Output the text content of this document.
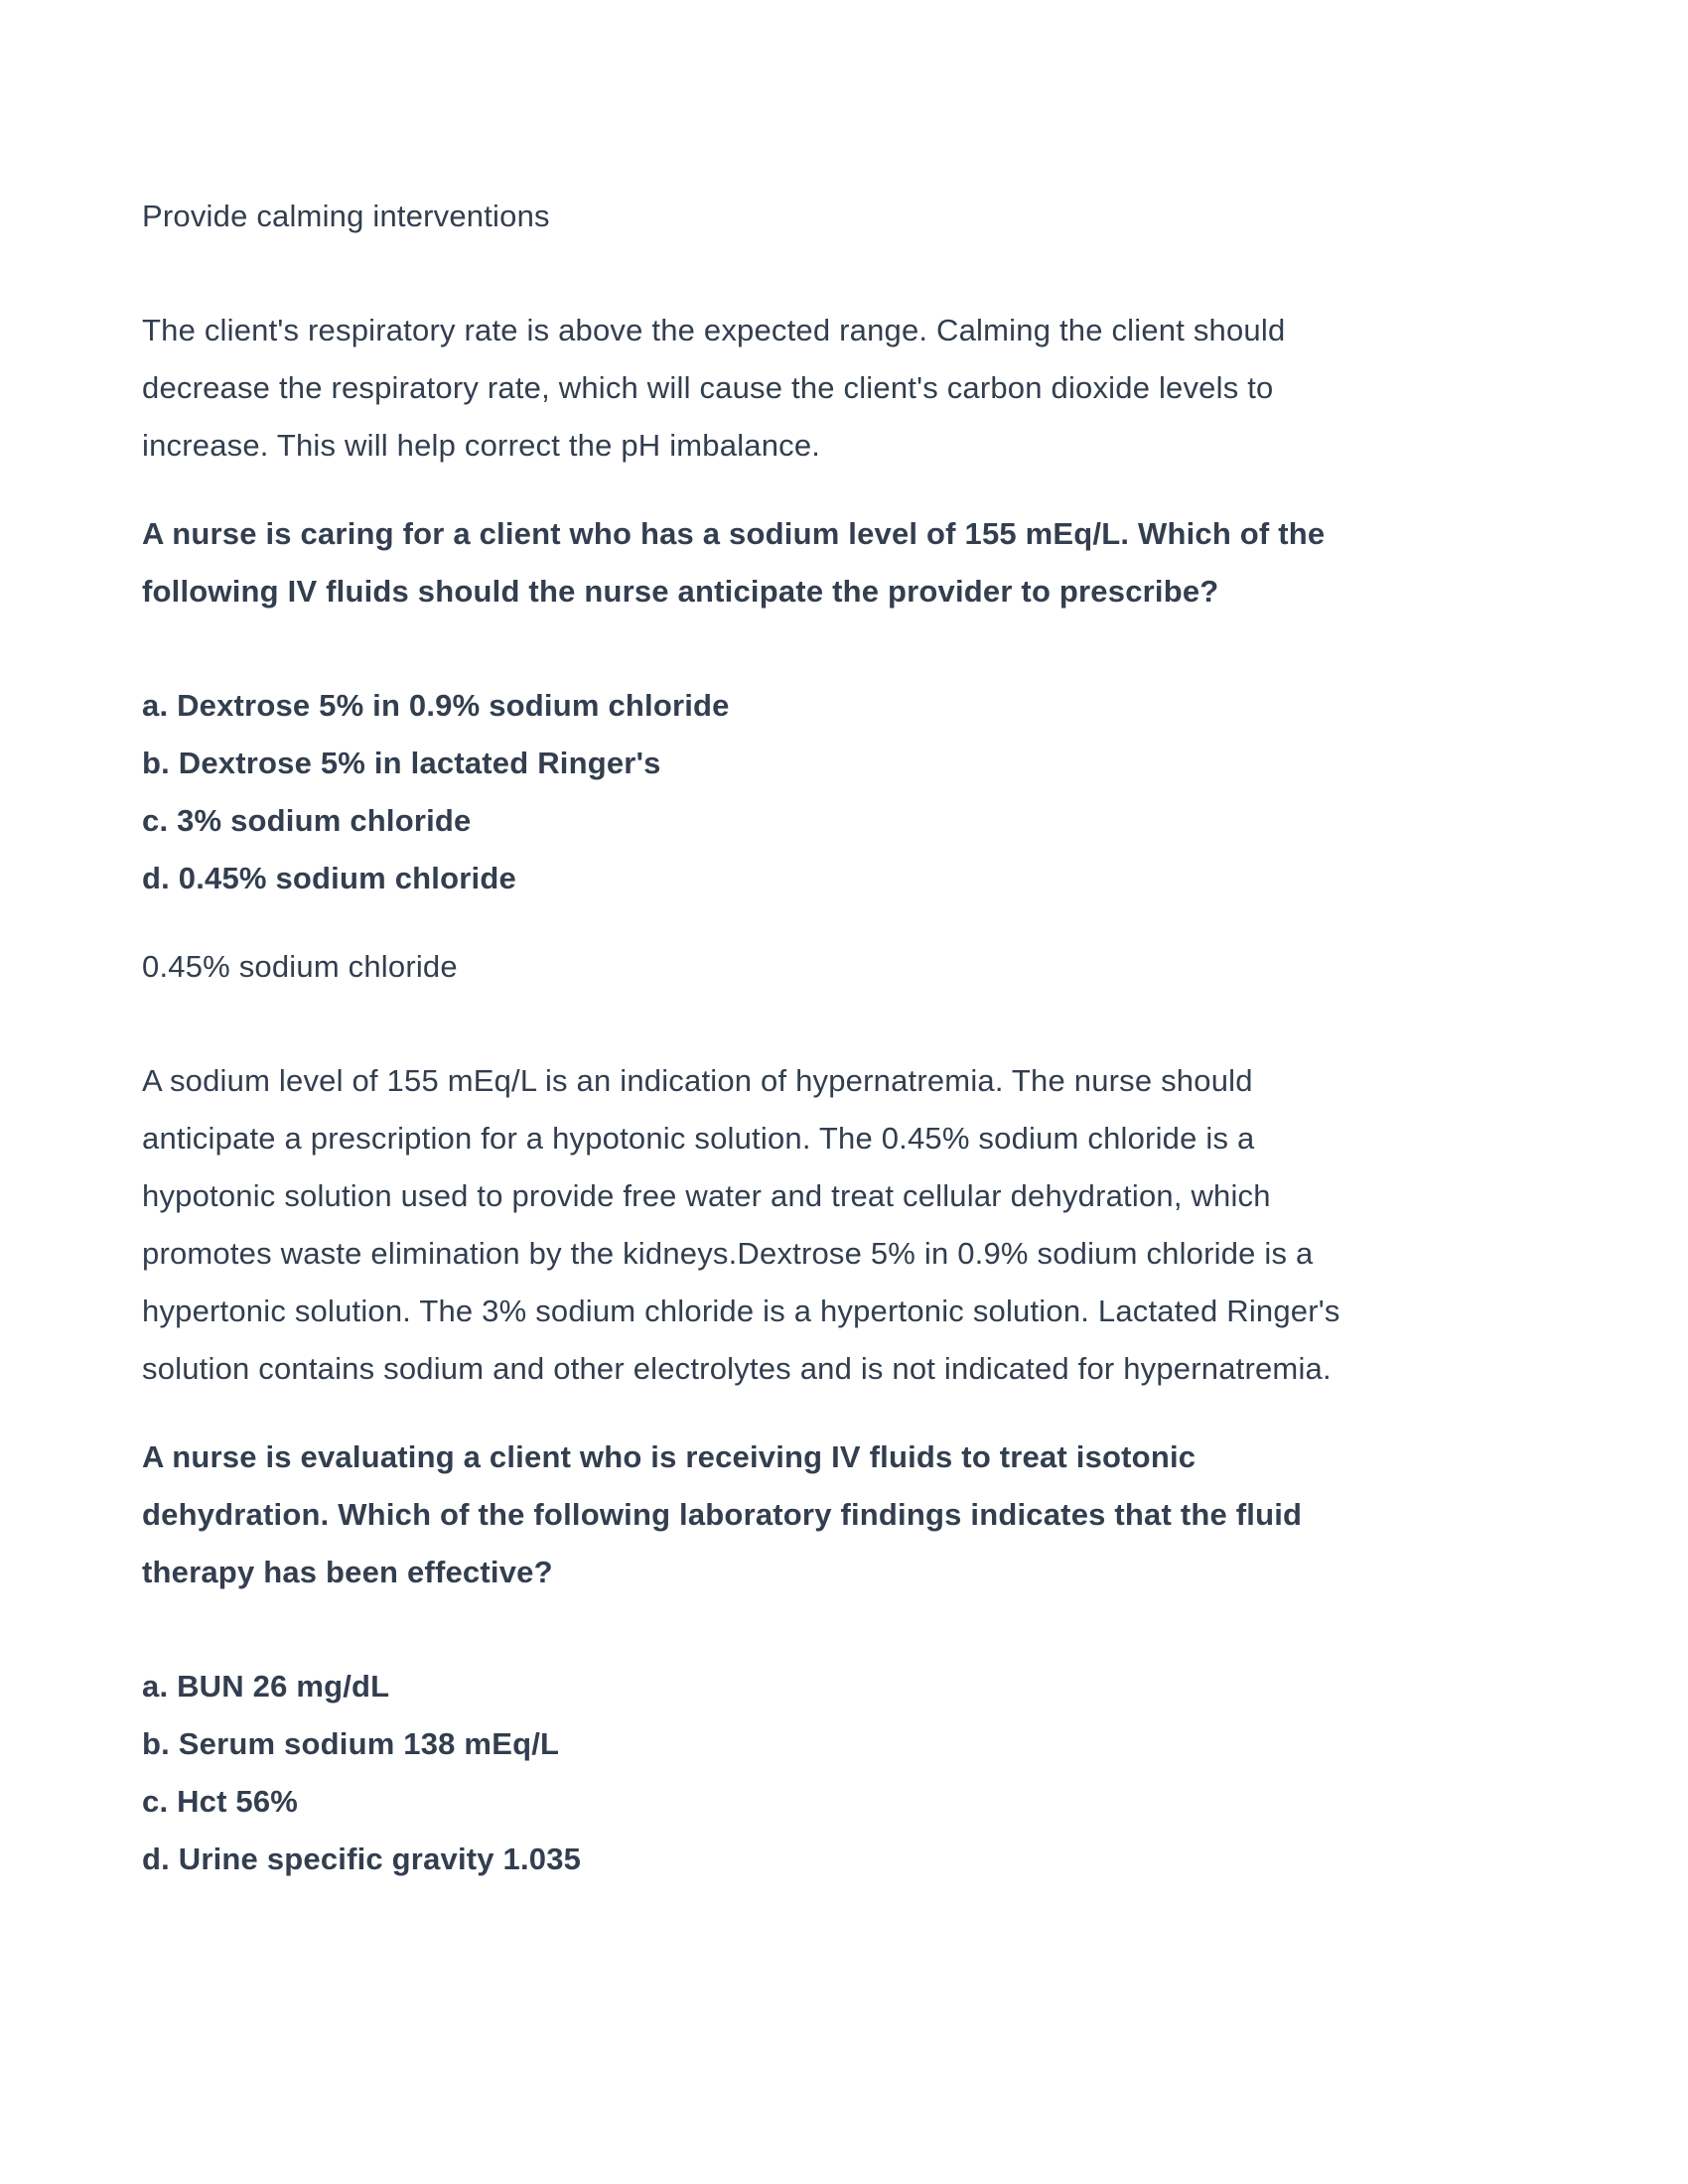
Provide calming interventions
The client's respiratory rate is above the expected range. Calming the client should
decrease the respiratory rate, which will cause the client's carbon dioxide levels to
increase. This will help correct the pH imbalance.
A nurse is caring for a client who has a sodium level of 155 mEq/L. Which of the
following IV fluids should the nurse anticipate the provider to prescribe?
a. Dextrose 5% in 0.9% sodium chloride
b. Dextrose 5% in lactated Ringer's
c. 3% sodium chloride
d. 0.45% sodium chloride
0.45% sodium chloride
A sodium level of 155 mEq/L is an indication of hypernatremia. The nurse should
anticipate a prescription for a hypotonic solution. The 0.45% sodium chloride is a
hypotonic solution used to provide free water and treat cellular dehydration, which
promotes waste elimination by the kidneys.Dextrose 5% in 0.9% sodium chloride is a
hypertonic solution. The 3% sodium chloride is a hypertonic solution. Lactated Ringer's
solution contains sodium and other electrolytes and is not indicated for hypernatremia.
A nurse is evaluating a client who is receiving IV fluids to treat isotonic
dehydration. Which of the following laboratory findings indicates that the fluid
therapy has been effective?
a. BUN 26 mg/dL
b. Serum sodium 138 mEq/L
c. Hct 56%
d. Urine specific gravity 1.035
